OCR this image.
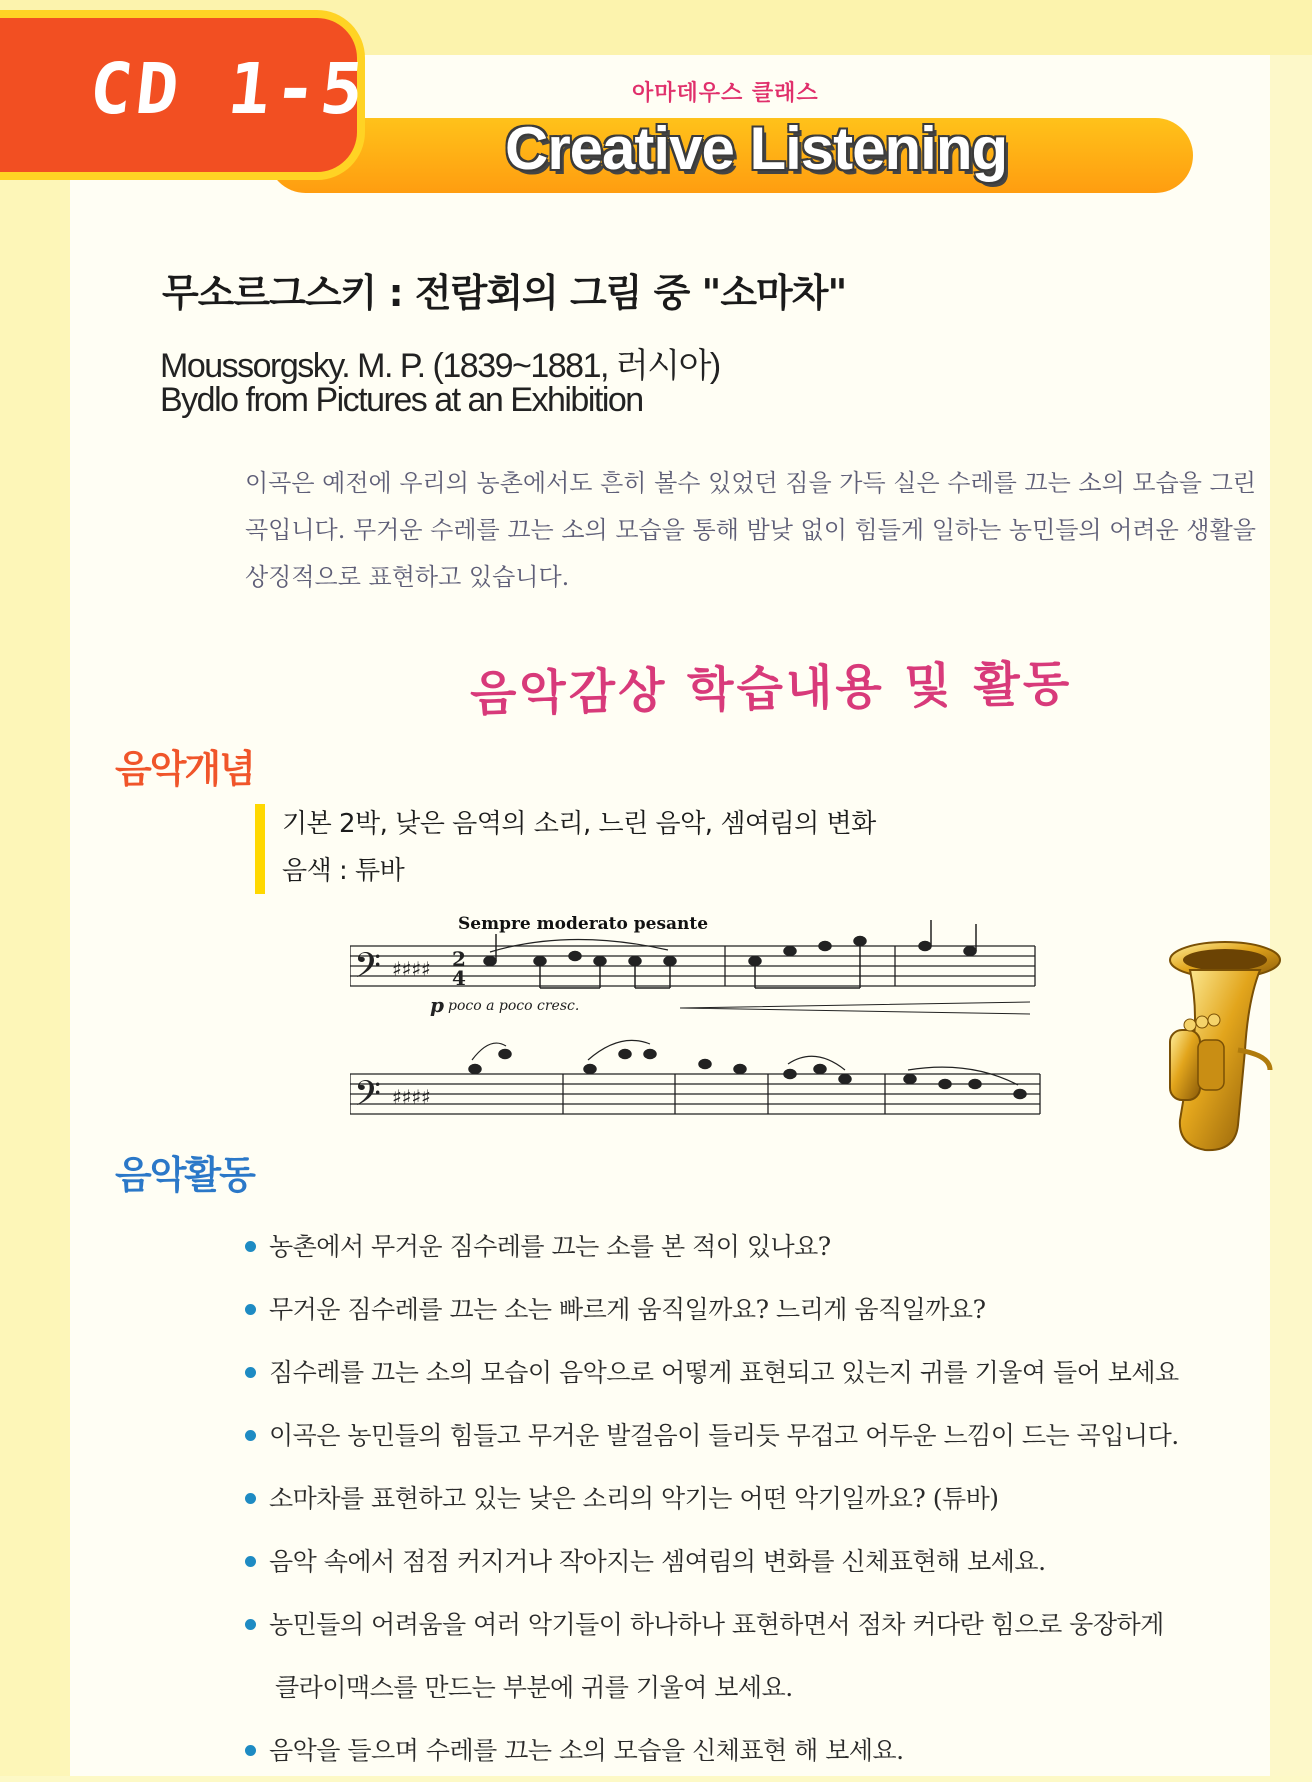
CD 1-5	아마데우스 클래스
Creative Listening
무소르그스키 : 전람회의 그림 중 "소마차"
Moussorgsky. M. P. (1839~1881, 러시아)
Bydlo from Pictures at an Exhibition
이곡은 예전에 우리의 농촌에서도 흔히 볼수 있었던 짐을 가득 실은 수레를 끄는 소의 모습을 그린 곡입니다. 무거운 수레를 끄는 소의 모습을 통해 밤낮 없이 힘들게 일하는 농민들의 어려운 생활을 상징적으로 표현하고 있습니다.
음악감상 학습내용 및 활동
음악개념
기본 2박, 낮은 음역의 소리, 느린 음악, 셈여림의 변화
음색 : 튜바
Sempre moderato pesante
𝄢
𝄢
♯♯♯♯
♯♯♯♯
2
4
p poco a poco cresc.
음악활동
농촌에서 무거운 짐수레를 끄는 소를 본 적이 있나요?
무거운 짐수레를 끄는 소는 빠르게 움직일까요? 느리게 움직일까요?
짐수레를 끄는 소의 모습이 음악으로 어떻게 표현되고 있는지 귀를 기울여 들어 보세요
이곡은 농민들의 힘들고 무거운 발걸음이 들리듯 무겁고 어두운 느낌이 드는 곡입니다.
소마차를 표현하고 있는 낮은 소리의 악기는 어떤 악기일까요? (튜바)
음악 속에서 점점 커지거나 작아지는 셈여림의 변화를 신체표현해 보세요.
농민들의 어려움을 여러 악기들이 하나하나 표현하면서 점차 커다란 힘으로 웅장하게
클라이맥스를 만드는 부분에 귀를 기울여 보세요.
음악을 들으며 수레를 끄는 소의 모습을 신체표현 해 보세요.
